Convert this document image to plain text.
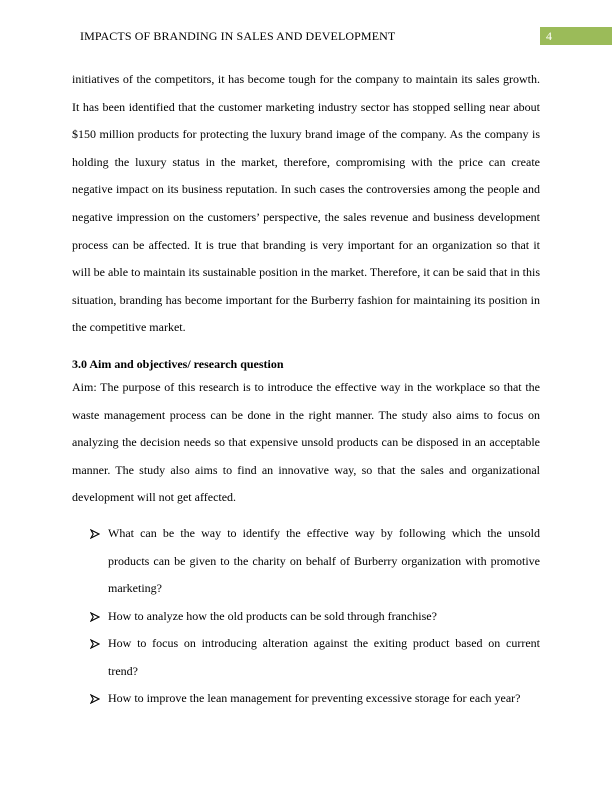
IMPACTS OF BRANDING IN SALES AND DEVELOPMENT	4

initiatives of the competitors, it has become tough for the company to maintain its sales growth. It has been identified that the customer marketing industry sector has stopped selling near about $150 million products for protecting the luxury brand image of the company. As the company is holding the luxury status in the market, therefore, compromising with the price can create negative impact on its business reputation. In such cases the controversies among the people and negative impression on the customers’ perspective, the sales revenue and business development process can be affected. It is true that branding is very important for an organization so that it will be able to maintain its sustainable position in the market. Therefore, it can be said that in this situation, branding has become important for the Burberry fashion for maintaining its position in the competitive market.

3.0 Aim and objectives/ research question

Aim: The purpose of this research is to introduce the effective way in the workplace so that the waste management process can be done in the right manner. The study also aims to focus on analyzing the decision needs so that expensive unsold products can be disposed in an acceptable manner. The study also aims to find an innovative way, so that the sales and organizational development will not get affected.

What can be the way to identify the effective way by following which the unsold products can be given to the charity on behalf of Burberry organization with promotive marketing?
How to analyze how the old products can be sold through franchise?
How to focus on introducing alteration against the exiting product based on current trend?
How to improve the lean management for preventing excessive storage for each year?
